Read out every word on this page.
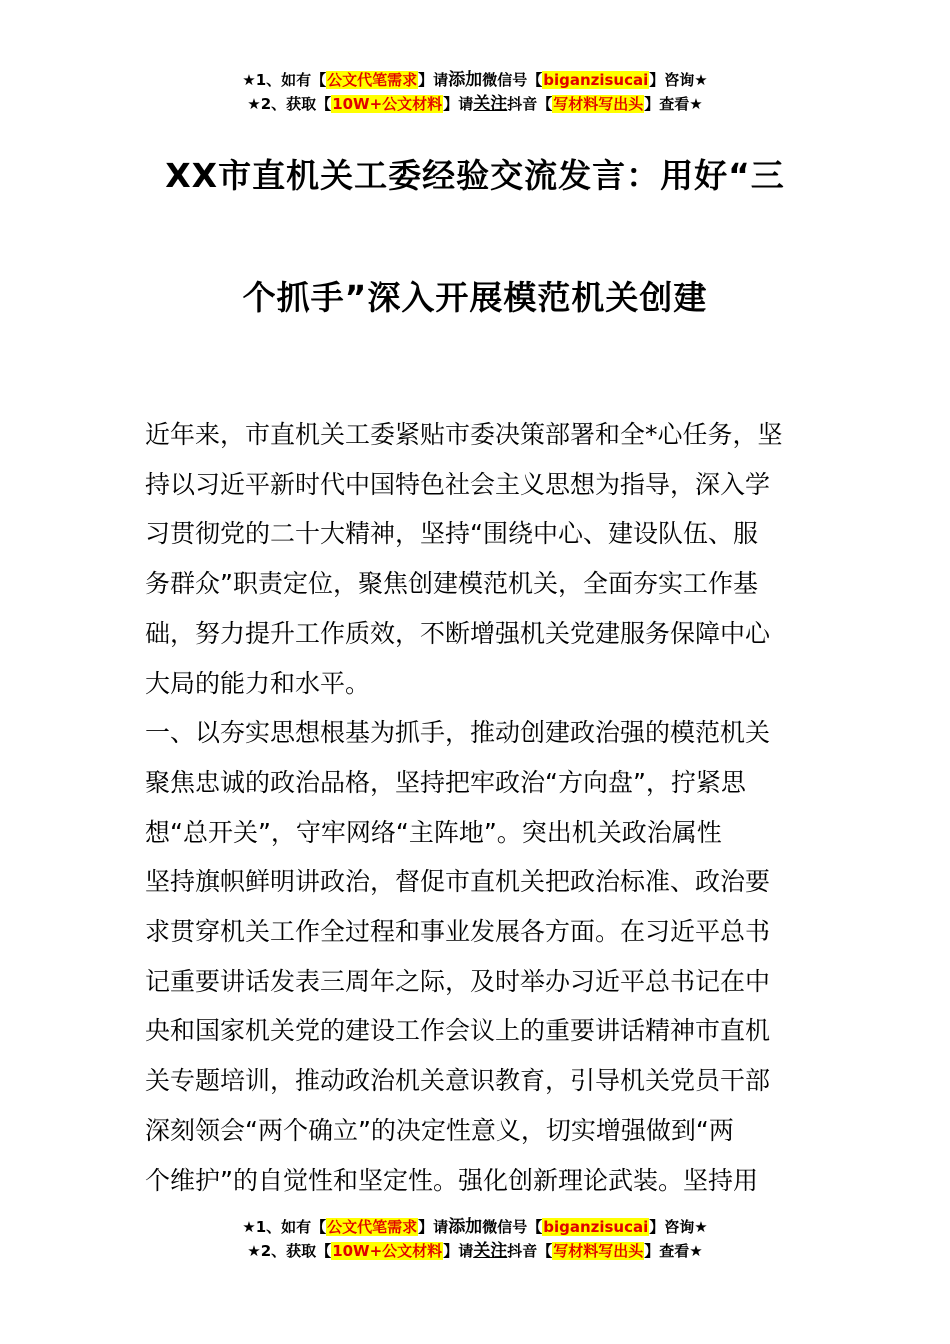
★1、如有【公文代笔需求】请添加微信号【biganzisucai】咨询★
★2、获取【10W+公文材料】请关注抖音【写材料写出头】查看★
XX市直机关工委经验交流发言：用好“三
个抓手”深入开展模范机关创建

近年来，市直机关工委紧贴市委决策部署和全*心任务，坚

持以习近平新时代中国特色社会主义思想为指导，深入学

习贯彻党的二十大精神，坚持“围绕中心、建设队伍、服

务群众”职责定位，聚焦创建模范机关，全面夯实工作基

础，努力提升工作质效，不断增强机关党建服务保障中心

大局的能力和水平。

一、以夯实思想根基为抓手，推动创建政治强的模范机关

聚焦忠诚的政治品格，坚持把牢政治“方向盘”，拧紧思

想“总开关”，守牢网络“主阵地”。突出机关政治属性

坚持旗帜鲜明讲政治，督促市直机关把政治标准、政治要

求贯穿机关工作全过程和事业发展各方面。在习近平总书

记重要讲话发表三周年之际，及时举办习近平总书记在中

央和国家机关党的建设工作会议上的重要讲话精神市直机

关专题培训，推动政治机关意识教育，引导机关党员干部

深刻领会“两个确立”的决定性意义，切实增强做到“两

个维护”的自觉性和坚定性。强化创新理论武装。坚持用

★1、如有【公文代笔需求】请添加微信号【biganzisucai】咨询★
★2、获取【10W+公文材料】请关注抖音【写材料写出头】查看★
